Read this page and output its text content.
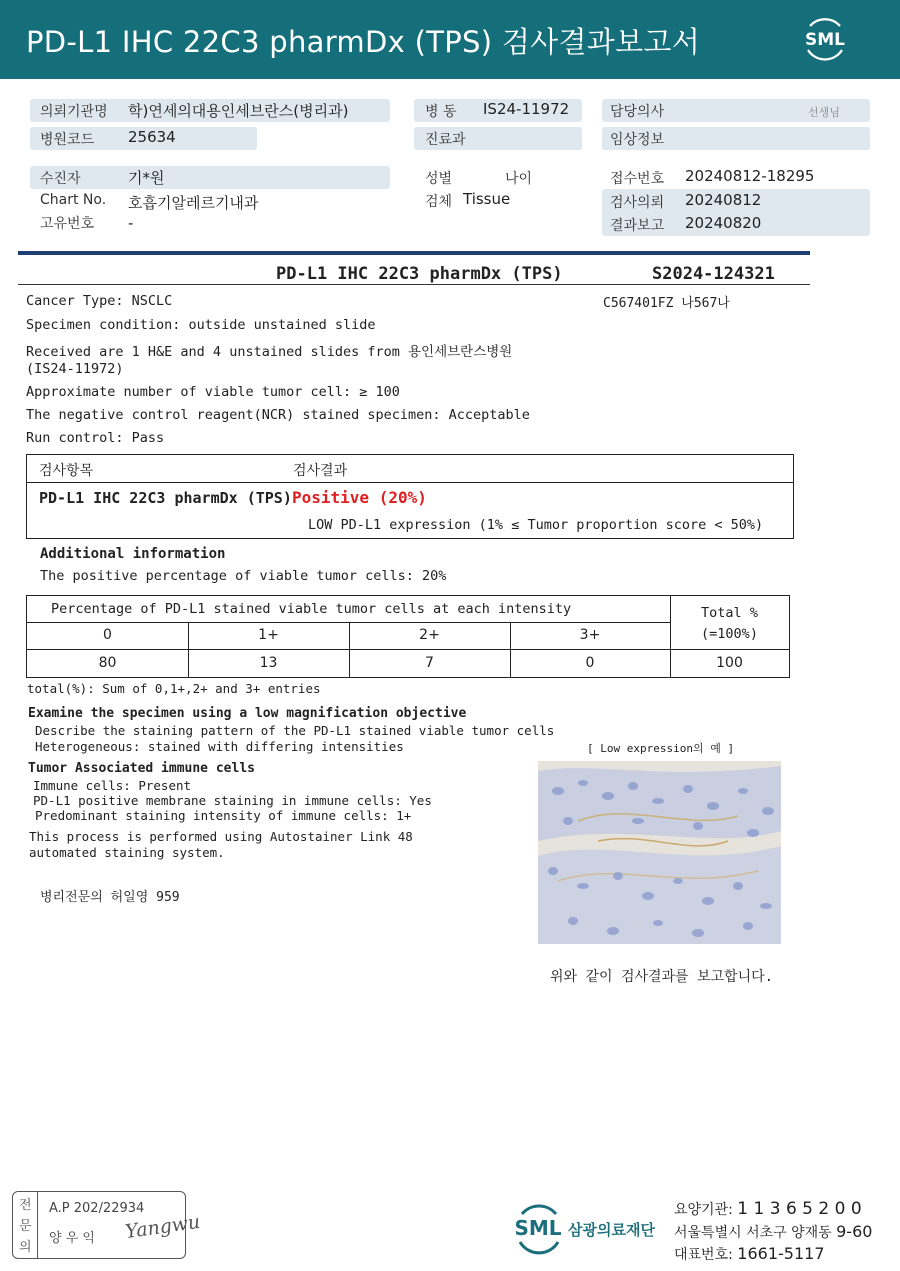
PD-L1 IHC 22C3 pharmDx (TPS) 검사결과보고서	SML
의뢰기관명 학)연세의대용인세브란스(병리과)
병원코드 25634
병 동 IS24-11972
진료과
담당의사	선생님
임상정보
수진자	기*원
Chart No. 호흡기알레르기내과
고유번호 -
성별	나이
검체 Tissue
접수번호 20240812-18295
검사의뢰 20240812
결과보고 20240820
PD-L1 IHC 22C3 pharmDx (TPS)	S2024-124321
C567401FZ 나567나
Cancer Type: NSCLC
Specimen condition: outside unstained slide
Received are 1 H&E and 4 unstained slides from 용인세브란스병원
(IS24-11972)
Approximate number of viable tumor cell: ≥ 100
The negative control reagent(NCR) stained specimen: Acceptable
Run control: Pass
검사항목	검사결과
PD-L1 IHC 22C3 pharmDx (TPS) Positive (20%)
LOW PD-L1 expression (1% ≤ Tumor proportion score < 50%)
Additional information
The positive percentage of viable tumor cells: 20%
Percentage of PD-L1 stained viable tumor cells at each intensity	Total %
(=100%)
0	1+	2+	3+
80	13	7	0	100
total(%): Sum of 0,1+,2+ and 3+ entries
Examine the specimen using a low magnification objective
Describe the staining pattern of the PD-L1 stained viable tumor cells
Heterogeneous: stained with differing intensities	[ Low expression의 예 ]
Tumor Associated immune cells
Immune cells: Present
PD-L1 positive membrane staining in immune cells: Yes
Predominant staining intensity of immune cells: 1+
This process is performed using Autostainer Link 48
automated staining system.
병리전문의 허일영 959
위와 같이 검사결과를 보고합니다.
전
문
의
A.P 202/22934
양 우 익 Yangwu	SML 삼광의료재단
요양기관: 1 1 3 6 5 2 0 0
서울특별시 서초구 양재동 9-60
대표번호: 1661-5117
